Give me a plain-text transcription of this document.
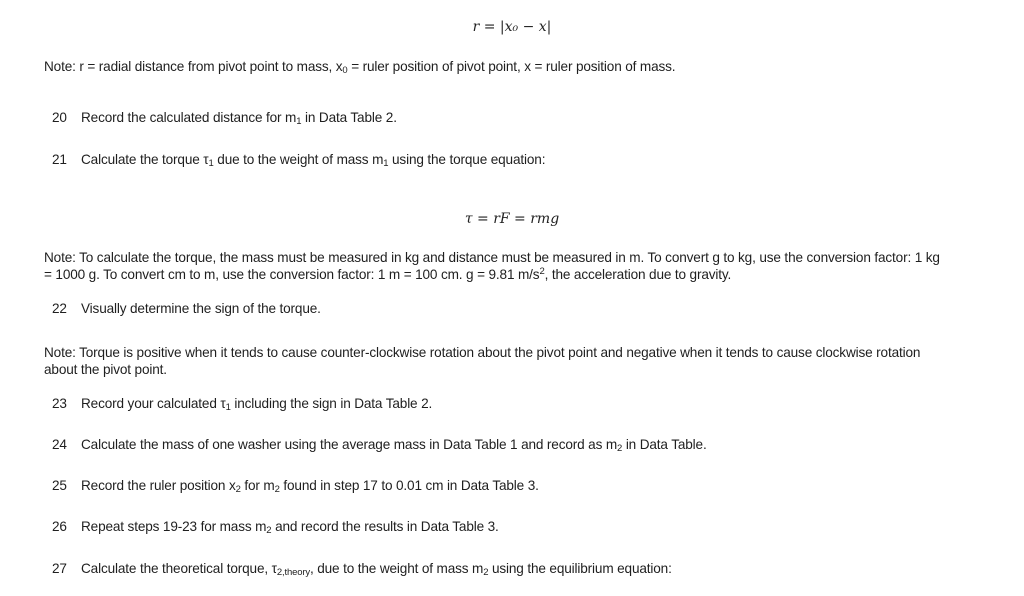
r = |x₀ − x|
Note: r = radial distance from pivot point to mass, $x_0$ = ruler position of pivot point, x = ruler position of mass.
20 Record the calculated distance for $m_1$ in Data Table 2.
21 Calculate the torque $\tau_1$ due to the weight of mass $m_1$ using the torque equation:
τ = rF = rmg
Note: To calculate the torque, the mass must be measured in kg and distance must be measured in m. To convert g to kg, use the conversion factor: 1 kg = 1000 g. To convert cm to m, use the conversion factor: 1 m = 100 cm. g = 9.81 $m/s^2$, the acceleration due to gravity.
22 Visually determine the sign of the torque.
Note: Torque is positive when it tends to cause counter-clockwise rotation about the pivot point and negative when it tends to cause clockwise rotation about the pivot point.
23 Record your calculated $\tau_1$ including the sign in Data Table 2.
24 Calculate the mass of one washer using the average mass in Data Table 1 and record as $m_2$ in Data Table.
25 Record the ruler position $x_2$ for $m_2$ found in step 17 to 0.01 cm in Data Table 3.
26 Repeat steps 19-23 for mass $m_2$ and record the results in Data Table 3.
27 Calculate the theoretical torque, $\tau_{2,theory}$, due to the weight of mass $m_2$ using the equilibrium equation:
